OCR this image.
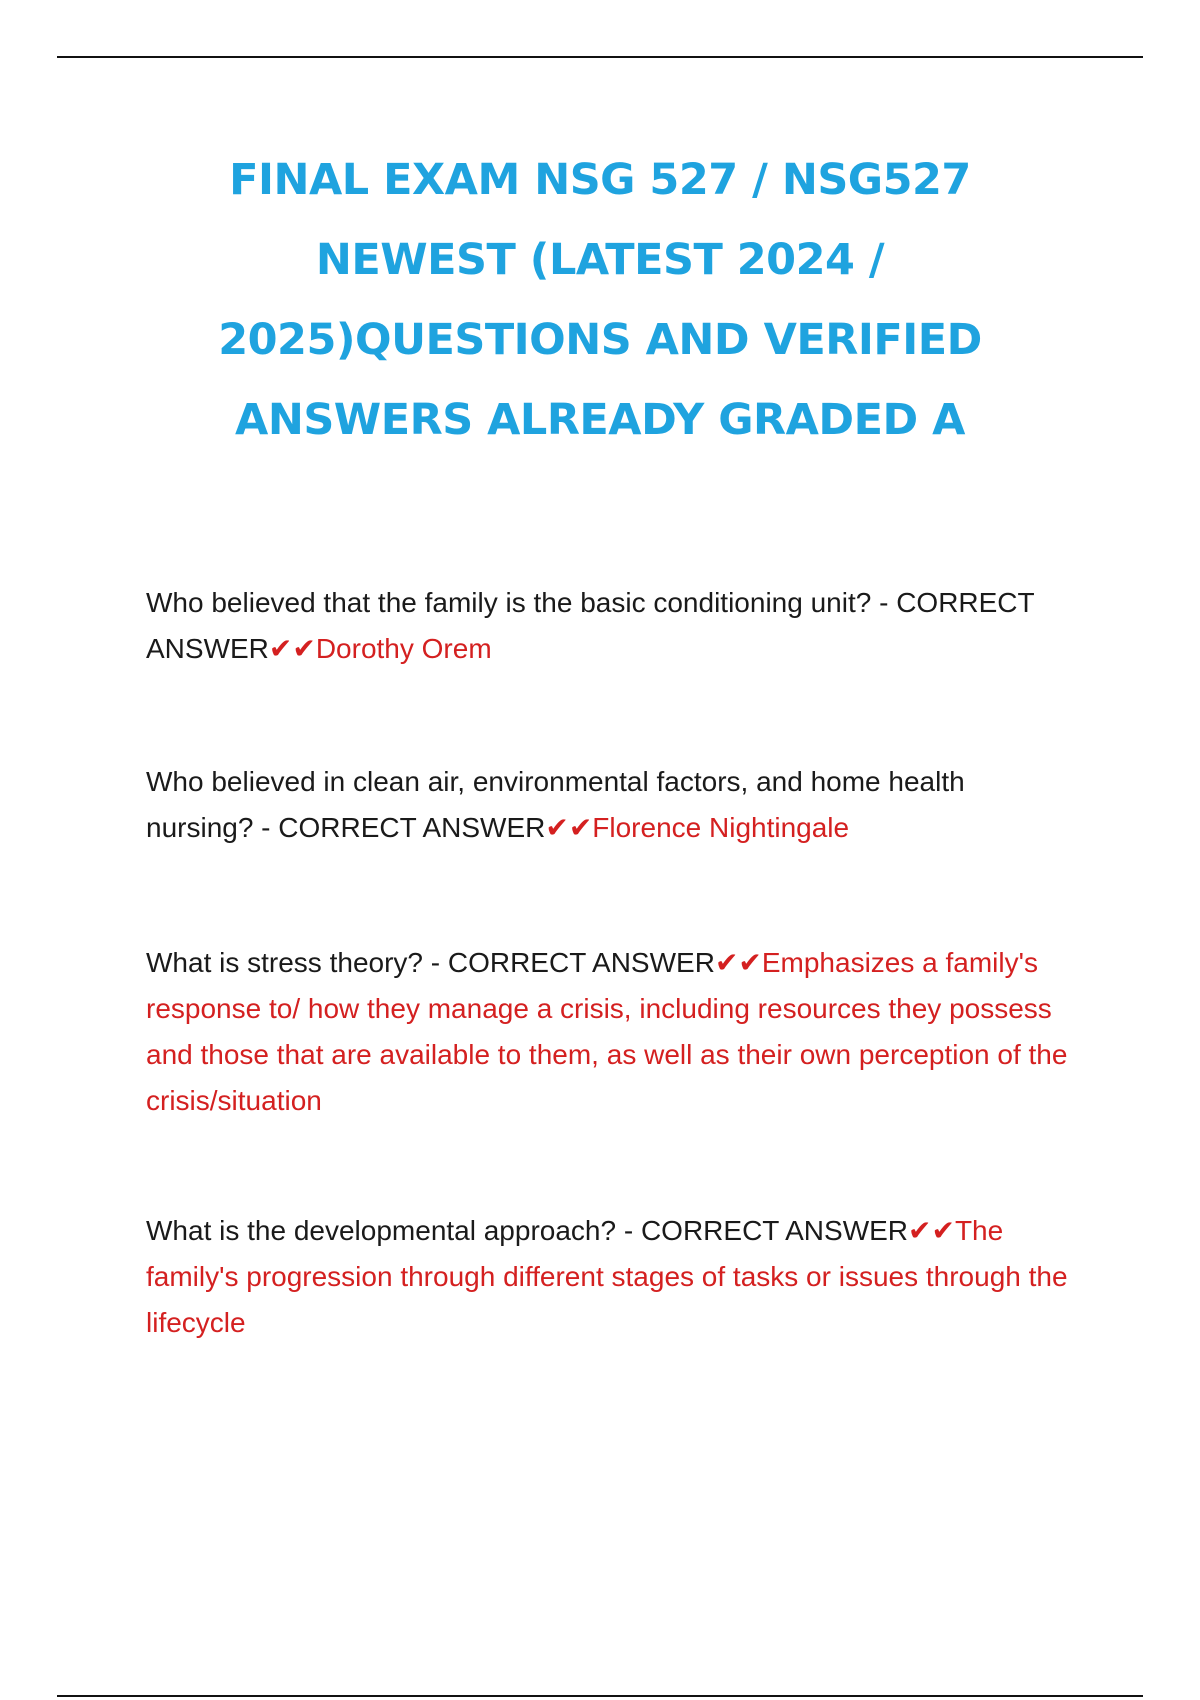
FINAL EXAM NSG 527 / NSG527
NEWEST (LATEST 2024 /
2025)QUESTIONS AND VERIFIED
ANSWERS ALREADY GRADED A

Who believed that the family is the basic conditioning unit? - CORRECT ANSWER✔✔Dorothy Orem

Who believed in clean air, environmental factors, and home health nursing? - CORRECT ANSWER✔✔Florence Nightingale

What is stress theory? - CORRECT ANSWER✔✔Emphasizes a family's response to/ how they manage a crisis, including resources they possess and those that are available to them, as well as their own perception of the crisis/situation

What is the developmental approach? - CORRECT ANSWER✔✔The family's progression through different stages of tasks or issues through the lifecycle
